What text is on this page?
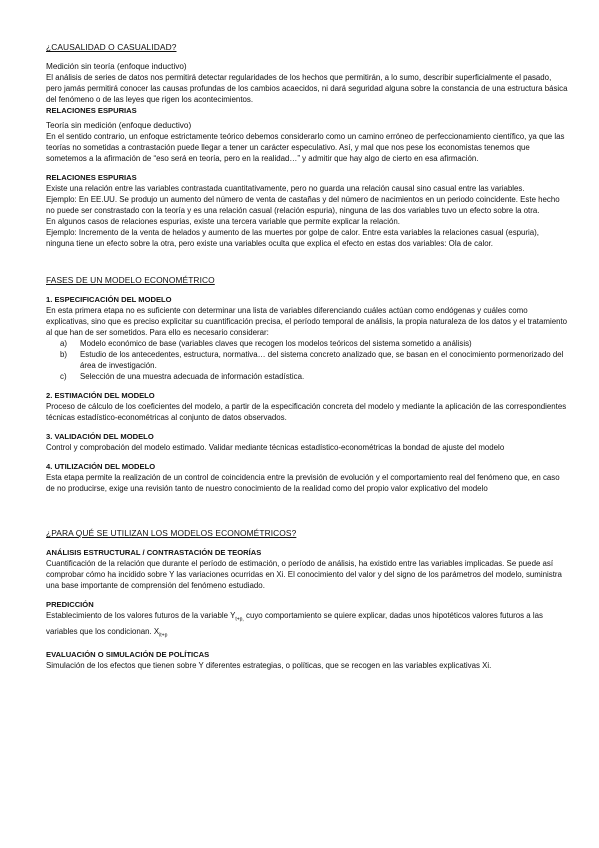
¿CAUSALIDAD O CASUALIDAD?
Medición sin teoría (enfoque inductivo)

El análisis de series de datos nos permitirá detectar regularidades de los hechos que permitirán, a lo sumo, describir superficialmente el pasado, pero jamás permitirá conocer las causas profundas de los cambios acaecidos, ni dará seguridad alguna sobre la constancia de una estructura básica del fenómeno o de las leyes que rigen los acontecimientos.

RELACIONES ESPURIAS
Teoría sin medición (enfoque deductivo)

En el sentido contrario, un enfoque estrictamente teórico debemos considerarlo como un camino erróneo de perfeccionamiento científico, ya que las teorías no sometidas a contrastación puede llegar a tener un carácter especulativo. Así, y mal que nos pese los economistas tenemos que sometemos a la afirmación de “eso será en teoría, pero en la realidad…” y admitir que hay algo de cierto en esa afirmación.

RELACIONES ESPURIAS

Existe una relación entre las variables contrastada cuantitativamente, pero no guarda una relación causal sino casual entre las variables.

Ejemplo: En EE.UU. Se produjo un aumento del número de venta de castañas y del número de nacimientos en un periodo coincidente. Este hecho no puede ser constrastado con la teoría y es una relación casual (relación espuria), ninguna de las dos variables tuvo un efecto sobre la otra.

En algunos casos de relaciones espurias, existe una tercera variable que permite explicar la relación.

Ejemplo: Incremento de la venta de helados y aumento de las muertes por golpe de calor. Entre esta variables la relaciones casual (espuria), ninguna tiene un efecto sobre la otra, pero existe una variables oculta que explica el efecto en estas dos variables: Ola de calor.

FASES DE UN MODELO ECONOMÉTRICO
1. ESPECIFICACIÓN DEL MODELO

En esta primera etapa no es suficiente con determinar una lista de variables diferenciando cuáles actúan como endógenas y cuáles como explicativas, sino que es preciso explicitar su cuantificación precisa, el período temporal de análisis, la propia naturaleza de los datos y el tratamiento al que han de ser sometidos. Para ello es necesario considerar:

a)	Modelo económico de base (variables claves que recogen los modelos teóricos del sistema sometido a análisis)
b)	Estudio de los antecedentes, estructura, normativa… del sistema concreto analizado que, se basan en el conocimiento pormenorizado del área de investigación.
c)	Selección de una muestra adecuada de información estadística.
2. ESTIMACIÓN DEL MODELO

Proceso de cálculo de los coeficientes del modelo, a partir de la especificación concreta del modelo y mediante la aplicación de las correspondientes técnicas estadístico-econométricas al conjunto de datos observados.

3. VALIDACIÓN DEL MODELO

Control y comprobación del modelo estimado. Validar mediante técnicas estadístico-econométricas la bondad de ajuste del modelo

4. UTILIZACIÓN DEL MODELO

Esta etapa permite la realización de un control de coincidencia entre la previsión de evolución y el comportamiento real del fenómeno que, en caso de no producirse, exige una revisión tanto de nuestro conocimiento de la realidad como del propio valor explicativo del modelo

¿PARA QUÉ SE UTILIZAN LOS MODELOS ECONOMÉTRICOS?
ANÁLISIS ESTRUCTURAL / CONTRASTACIÓN DE TEORÍAS

Cuantificación de la relación que durante el período de estimación, o período de análisis, ha existido entre las variables implicadas. Se puede así comprobar cómo ha incidido sobre Y las variaciones ocurridas en Xi. El conocimiento del valor y del signo de los parámetros del modelo, suministra una base importante de comprensión del fenómeno estudiado.

PREDICCIÓN

Establecimiento de los valores futuros de la variable $Y_{t+p,}$ cuyo comportamiento se quiere explicar, dadas unos hipotéticos valores futuros a las variables que los condicionan. $X_{it+p}$

EVALUACIÓN O SIMULACIÓN DE POLÍTICAS

Simulación de los efectos que tienen sobre Y diferentes estrategias, o políticas, que se recogen en las variables explicativas Xi.
